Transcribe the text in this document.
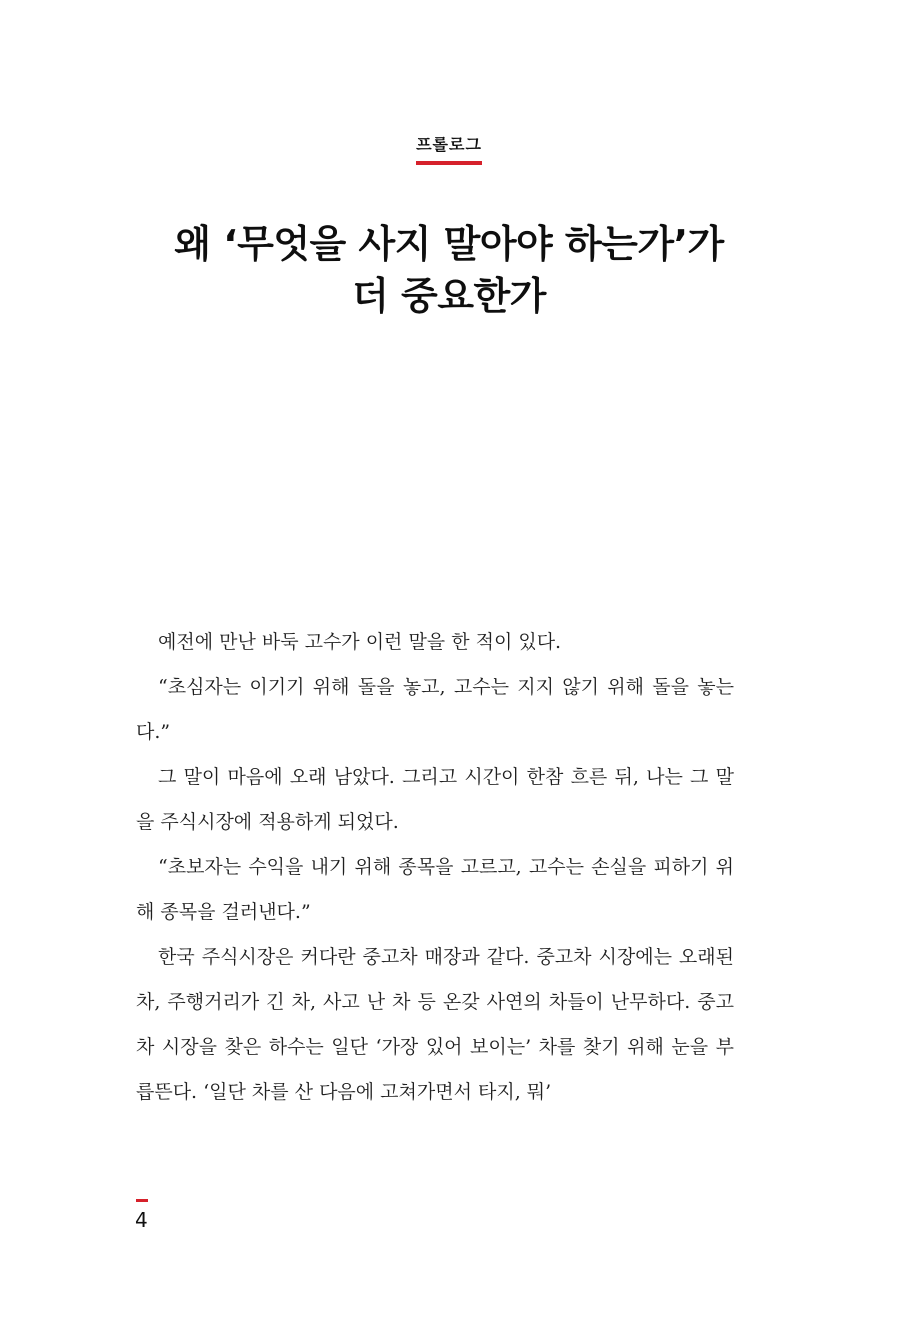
프롤로그
왜 ‘무엇을 사지 말아야 하는가’가
더 중요한가

예전에 만난 바둑 고수가 이런 말을 한 적이 있다.

“초심자는 이기기 위해 돌을 놓고, 고수는 지지 않기 위해 돌을 놓는다.”

그 말이 마음에 오래 남았다. 그리고 시간이 한참 흐른 뒤, 나는 그 말을 주식시장에 적용하게 되었다.

“초보자는 수익을 내기 위해 종목을 고르고, 고수는 손실을 피하기 위해 종목을 걸러낸다.”

한국 주식시장은 커다란 중고차 매장과 같다. 중고차 시장에는 오래된 차, 주행거리가 긴 차, 사고 난 차 등 온갖 사연의 차들이 난무하다. 중고차 시장을 찾은 하수는 일단 ‘가장 있어 보이는’ 차를 찾기 위해 눈을 부릅뜬다. ‘일단 차를 산 다음에 고쳐가면서 타지, 뭐’

4
